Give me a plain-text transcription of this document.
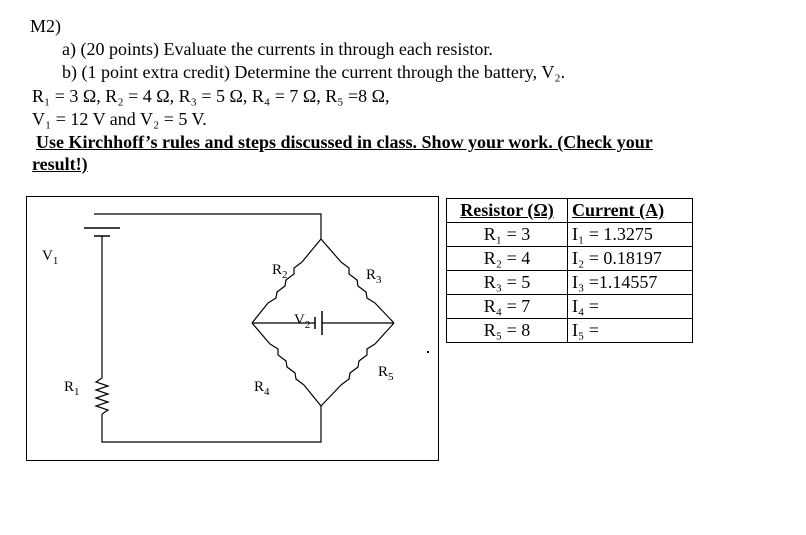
M2)
a) (20 points) Evaluate the currents in through each resistor.
b) (1 point extra credit) Determine the current through the battery, V₂.
R₁ = 3 Ω, R₂ = 4 Ω, R₃ = 5 Ω, R₄ = 7 Ω, R₅ =8 Ω,
V₁ = 12 V and V₂ = 5 V.
Use Kirchhoff’s rules and steps discussed in class. Show your work. (Check your
result!)
$V_1$
$R_2$	$R_3$
$V_2$
$R_1$	$R_4$
$R_5$
Resistor (Ω)	Current (A)
R₁ = 3	I₁ = 1.3275
R₂ = 4	I₂ = 0.18197
R₃ = 5	I₃ =1.14557
R₄ = 7	I₄ =
R₅ = 8	I₅ =
